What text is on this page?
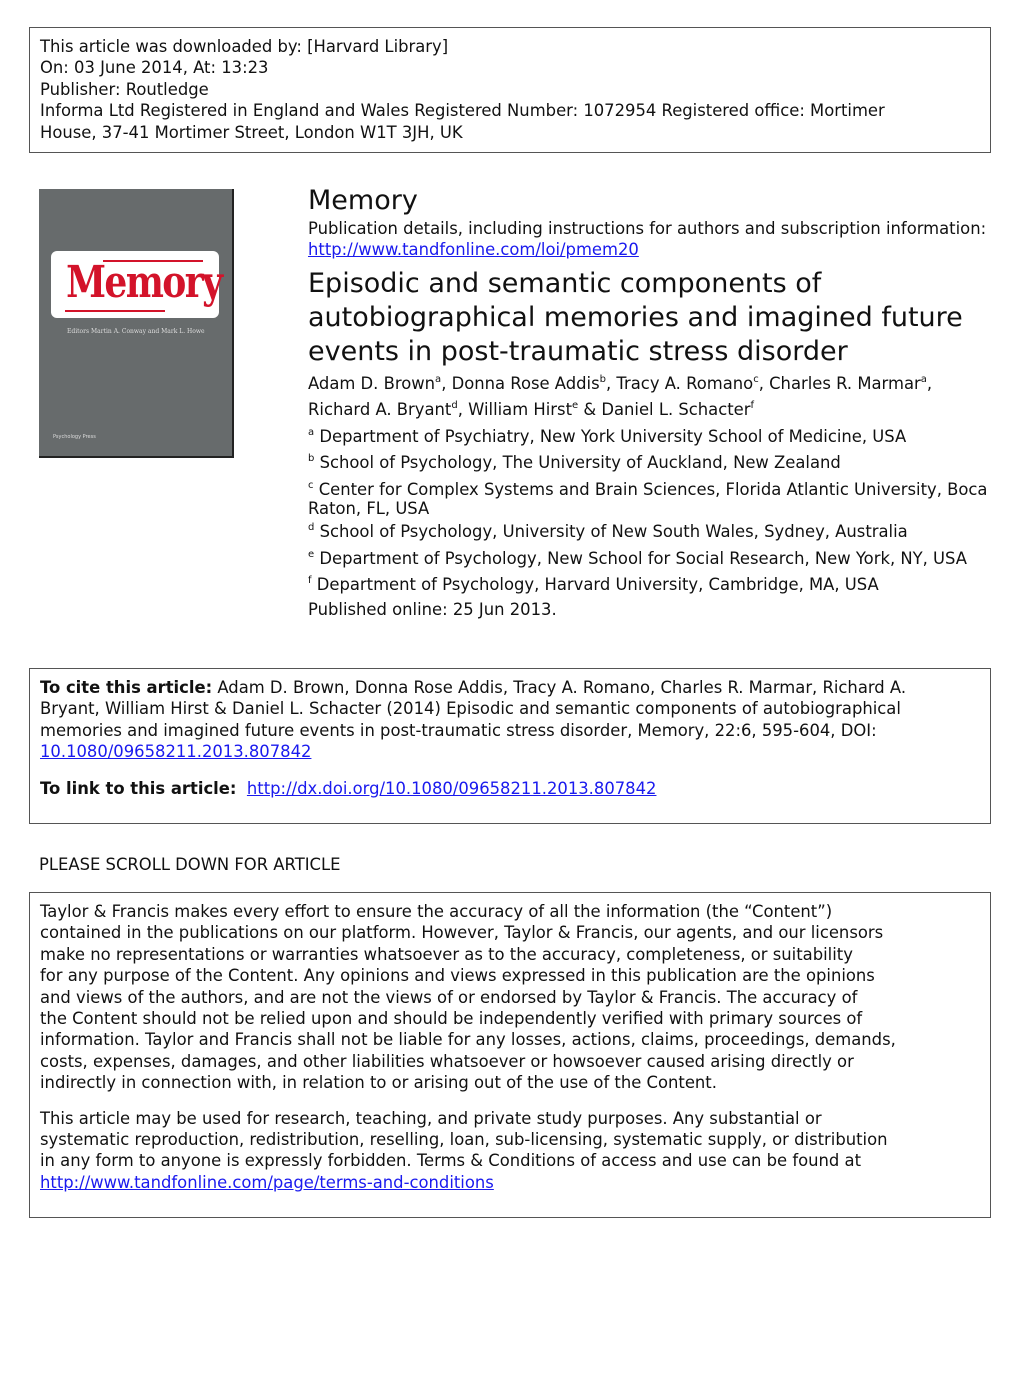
This article was downloaded by: [Harvard Library]
On: 03 June 2014, At: 13:23
Publisher: Routledge
Informa Ltd Registered in England and Wales Registered Number: 1072954 Registered office: Mortimer
House, 37-41 Mortimer Street, London W1T 3JH, UK
Memory
Editors Martin A. Conway and Mark L. Howe
Psychology Press
Memory
Publication details, including instructions for authors and subscription information:
http://www.tandfonline.com/loi/pmem20
Episodic and semantic components of
autobiographical memories and imagined future
events in post-traumatic stress disorder
Adam D. Brown$^a$, Donna Rose Addis$^b$, Tracy A. Romano$^c$, Charles R. Marmar$^a$,
Richard A. Bryant$^d$, William Hirst$^e$ & Daniel L. Schacter$^f$
$^a$ Department of Psychiatry, New York University School of Medicine, USA
$^b$ School of Psychology, The University of Auckland, New Zealand
$^c$ Center for Complex Systems and Brain Sciences, Florida Atlantic University, Boca
Raton, FL, USA
$^d$ School of Psychology, University of New South Wales, Sydney, Australia
$^e$ Department of Psychology, New School for Social Research, New York, NY, USA
$^f$ Department of Psychology, Harvard University, Cambridge, MA, USA
Published online: 25 Jun 2013.
To cite this article: Adam D. Brown, Donna Rose Addis, Tracy A. Romano, Charles R. Marmar, Richard A.
Bryant, William Hirst & Daniel L. Schacter (2014) Episodic and semantic components of autobiographical
memories and imagined future events in post-traumatic stress disorder, Memory, 22:6, 595-604, DOI:
10.1080/09658211.2013.807842
To link to this article: http://dx.doi.org/10.1080/09658211.2013.807842
PLEASE SCROLL DOWN FOR ARTICLE
Taylor & Francis makes every effort to ensure the accuracy of all the information (the “Content”)
contained in the publications on our platform. However, Taylor & Francis, our agents, and our licensors
make no representations or warranties whatsoever as to the accuracy, completeness, or suitability
for any purpose of the Content. Any opinions and views expressed in this publication are the opinions
and views of the authors, and are not the views of or endorsed by Taylor & Francis. The accuracy of
the Content should not be relied upon and should be independently verified with primary sources of
information. Taylor and Francis shall not be liable for any losses, actions, claims, proceedings, demands,
costs, expenses, damages, and other liabilities whatsoever or howsoever caused arising directly or
indirectly in connection with, in relation to or arising out of the use of the Content.
This article may be used for research, teaching, and private study purposes. Any substantial or
systematic reproduction, redistribution, reselling, loan, sub-licensing, systematic supply, or distribution
in any form to anyone is expressly forbidden. Terms & Conditions of access and use can be found at
http://www.tandfonline.com/page/terms-and-conditions
